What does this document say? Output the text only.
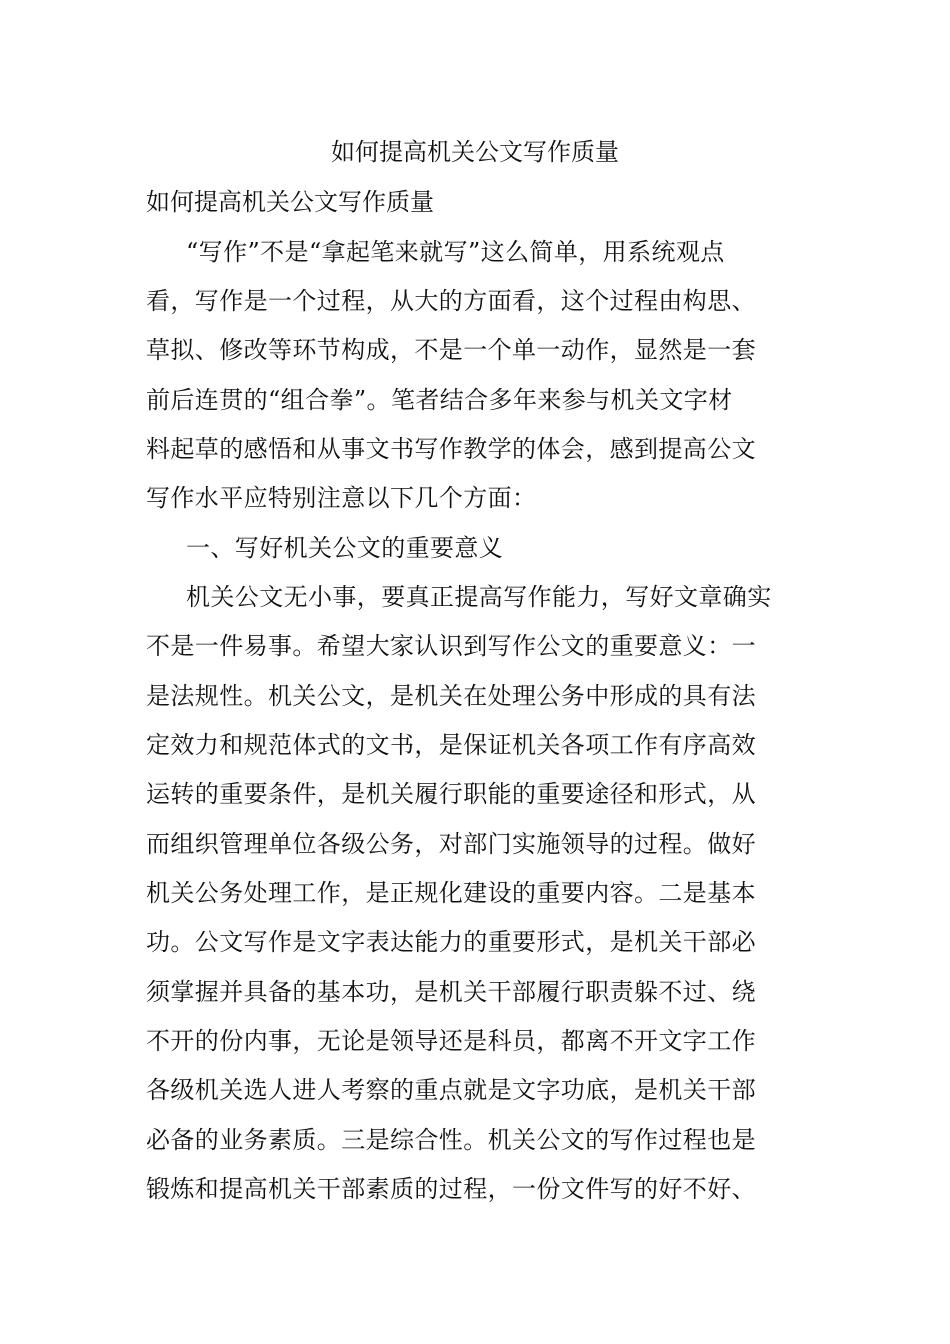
如何提高机关公文写作质量
如何提高机关公文写作质量
“写作”不是“拿起笔来就写”这么简单，用系统观点
看，写作是一个过程，从大的方面看，这个过程由构思、
草拟、修改等环节构成，不是一个单一动作，显然是一套
前后连贯的“组合拳”。笔者结合多年来参与机关文字材
料起草的感悟和从事文书写作教学的体会，感到提高公文
写作水平应特别注意以下几个方面：
一、写好机关公文的重要意义
机关公文无小事，要真正提高写作能力，写好文章确实
不是一件易事。希望大家认识到写作公文的重要意义：一
是法规性。机关公文，是机关在处理公务中形成的具有法
定效力和规范体式的文书，是保证机关各项工作有序高效
运转的重要条件，是机关履行职能的重要途径和形式，从
而组织管理单位各级公务，对部门实施领导的过程。做好
机关公务处理工作，是正规化建设的重要内容。二是基本
功。公文写作是文字表达能力的重要形式，是机关干部必
须掌握并具备的基本功，是机关干部履行职责躲不过、绕
不开的份内事，无论是领导还是科员，都离不开文字工作
各级机关选人进人考察的重点就是文字功底，是机关干部
必备的业务素质。三是综合性。机关公文的写作过程也是
锻炼和提高机关干部素质的过程，一份文件写的好不好、
